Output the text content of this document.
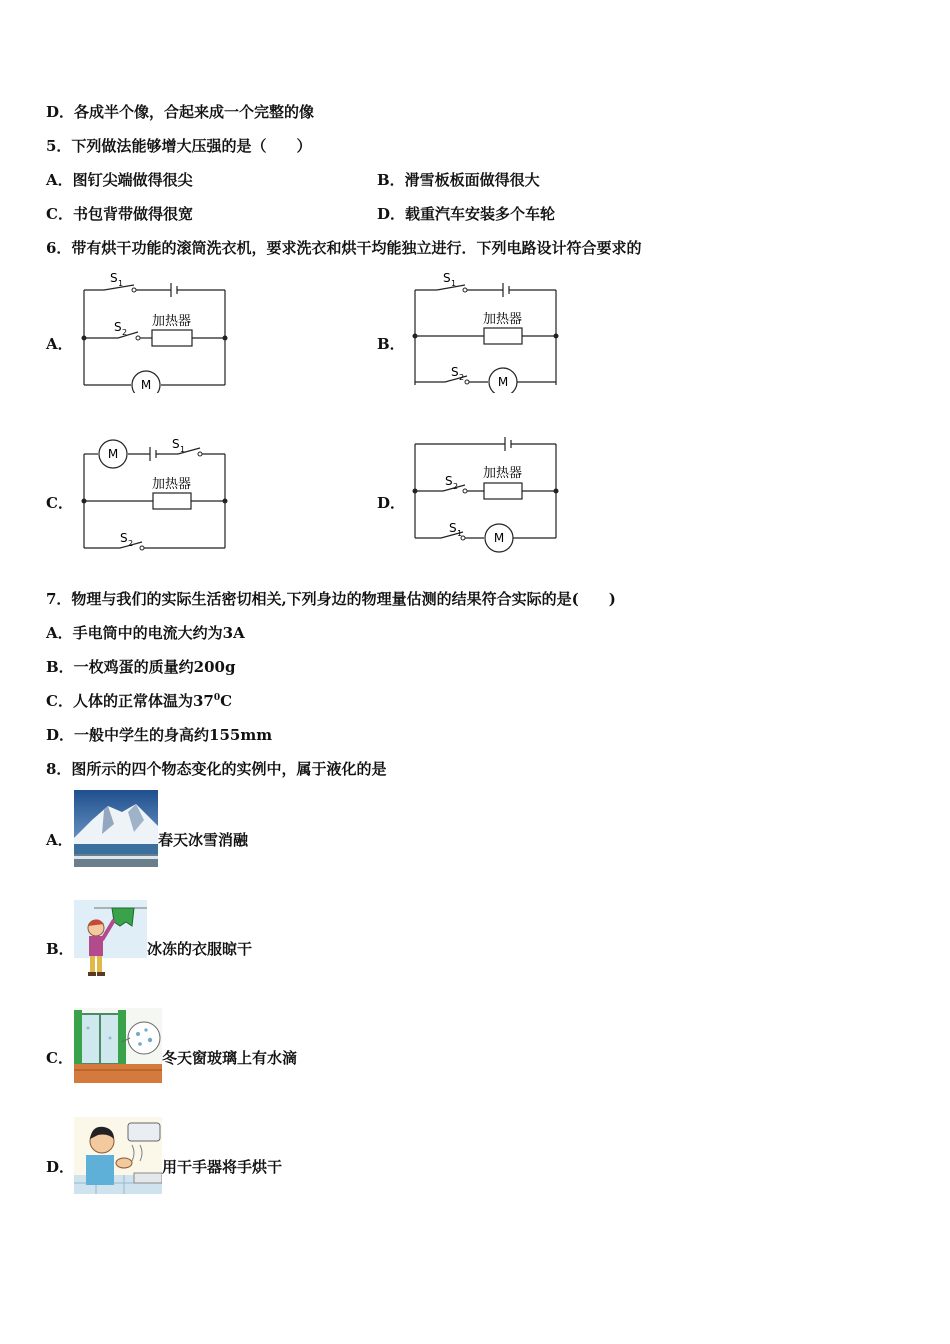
D．各成半个像，合起来成一个完整的像
5．下列做法能够增大压强的是（　　）
A．图钉尖端做得很尖	B．滑雪板板面做得很大
C．书包背带做得很宽	D．载重汽车安装多个车轮
6．带有烘干功能的滚筒洗衣机，要求洗衣和烘干均能独立进行．下列电路设计符合要求的
A．	B．
C．	D．
S 1
S 2
加热器
M
S 1
S 2
加热器
M
M
S 1
加热器
S 2
S 2
加热器
S 1	M
7．物理与我们的实际生活密切相关,下列身边的物理量估测的结果符合实际的是(　　)
A．手电筒中的电流大约为3A
B．一枚鸡蛋的质量约200g
C．人体的正常体温为$37^0C$
D．一般中学生的身高约155mm
8．图所示的四个物态变化的实例中，属于液化的是
A．	春天冰雪消融
B．	冰冻的衣服晾干
C．	冬天窗玻璃上有水滴
D．	用干手器将手烘干
